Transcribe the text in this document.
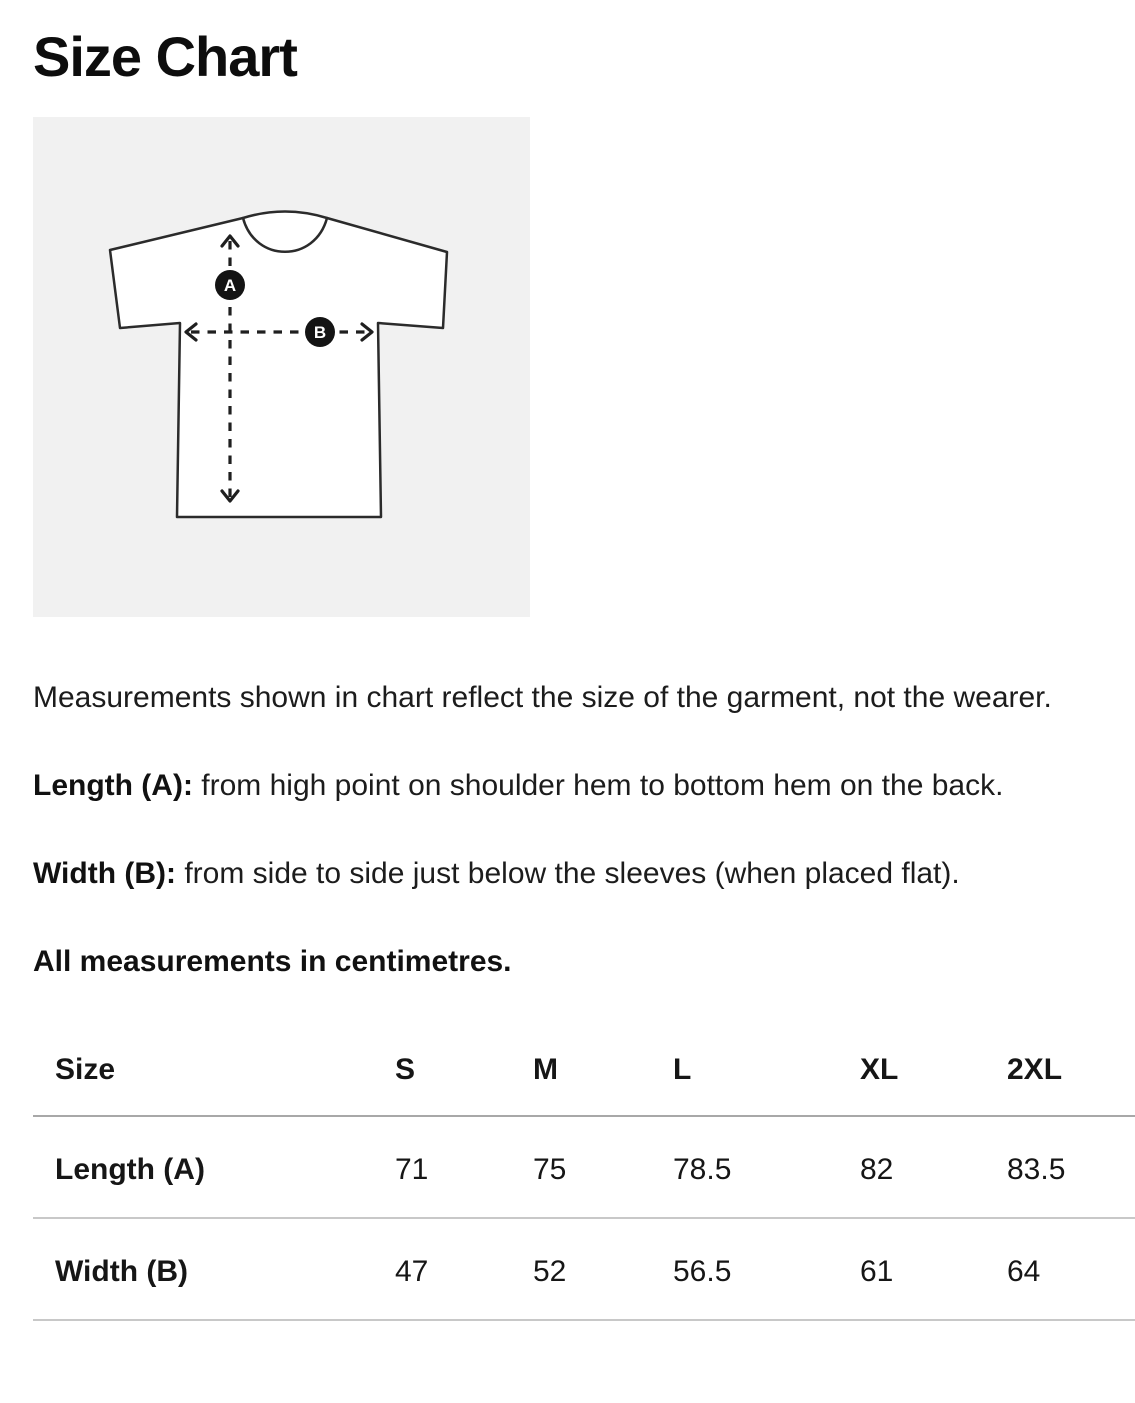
Size Chart
A
B

Measurements shown in chart reflect the size of the garment, not the wearer.

Length (A): from high point on shoulder hem to bottom hem on the back.

Width (B): from side to side just below the sleeves (when placed flat).

All measurements in centimetres.

Size	S	M	L	XL	2XL
Length (A)	71	75	78.5	82	83.5
Width (B)	47	52	56.5	61	64
